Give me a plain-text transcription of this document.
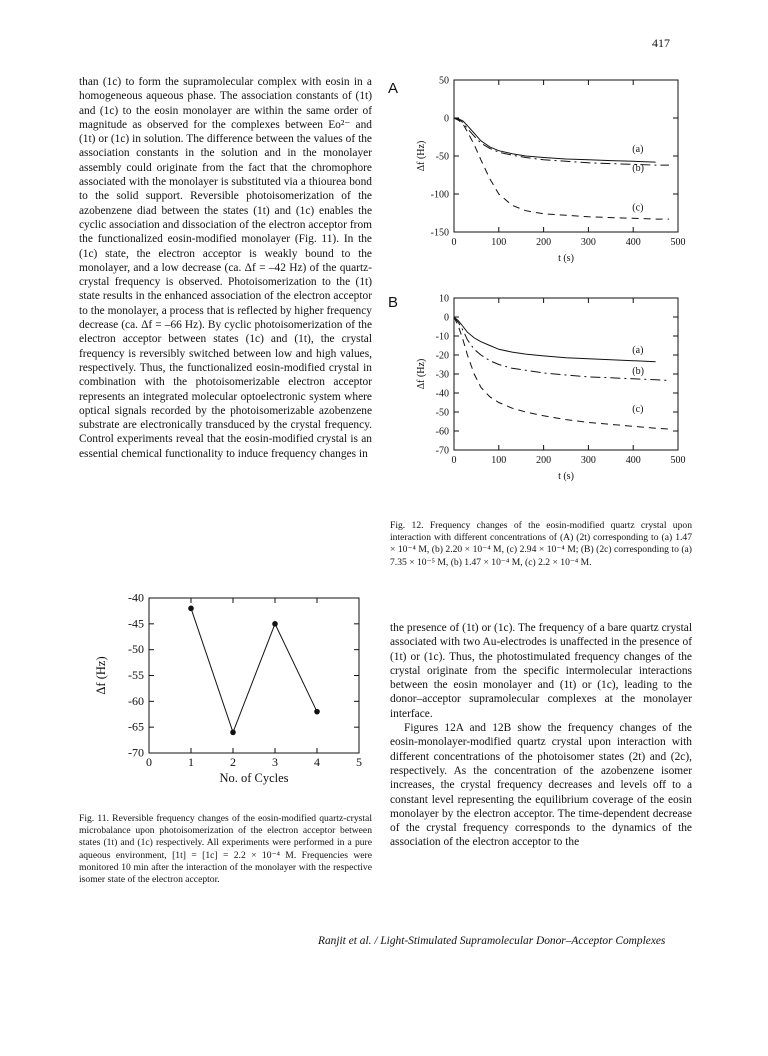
417

than (1c) to form the supramolecular complex with eosin in a homogeneous aqueous phase. The association constants of (1t) and (1c) to the eosin monolayer are within the same order of magnitude as observed for the complexes between Eo²⁻ and (1t) or (1c) in solution. The difference between the values of the association constants in the solution and in the monolayer assembly could originate from the fact that the chromophore associated with the monolayer is substituted via a thiourea bond to the solid support. Reversible photoisomerization of the azobenzene diad between the states (1t) and (1c) enables the cyclic association and dissociation of the electron acceptor from the functionalized eosin-modified monolayer (Fig. 11). In the (1c) state, the electron acceptor is weakly bound to the monolayer, and a low decrease (ca. Δf = –42 Hz) of the quartz-crystal frequency is observed. Photoisomerization to the (1t) state results in the enhanced association of the electron acceptor to the monolayer, a process that is reflected by higher frequency decrease (ca. Δf = –66 Hz). By cyclic photoisomerization of the electron acceptor between states (1c) and (1t), the crystal frequency is reversibly switched between low and high values, respectively. Thus, the functionalized eosin-modified crystal in combination with the photoisomerizable electron acceptor represents an integrated molecular optoelectronic system where optical signals recorded by the photoisomerizable azobenzene substrate are electronically transduced by the crystal frequency. Control experiments reveal that the eosin-modified crystal is an essential chemical functionality to induce frequency changes in

A
B
0	100	200	300	400	500
50
0
-50
-100
-150
t (s)
Δf (Hz)	(a)
(b)
(c)
0	100	200	300	400	500
10
0
-10
-20
-30
-40
-50
-60
-70
t (s)
Δf (Hz)
(a)
(b)
(c)
Fig. 12. Frequency changes of the eosin-modified quartz crystal upon interaction with different concentrations of (A) (2t) corresponding to (a) 1.47 × 10⁻⁴ M, (b) 2.20 × 10⁻⁴ M, (c) 2.94 × 10⁻⁴ M; (B) (2c) corresponding to (a) 7.35 × 10⁻⁵ M, (b) 1.47 × 10⁻⁴ M, (c) 2.2 × 10⁻⁴ M.
0	1	2	3	4	5
-40
-45
-50
-55
-60
-65
-70
No. of Cycles
Δf (Hz)
Fig. 11. Reversible frequency changes of the eosin-modified quartz-crystal microbalance upon photoisomerization of the electron acceptor between states (1t) and (1c) respectively. All experiments were performed in a pure aqueous environment, [1t] = [1c] = 2.2 × 10⁻⁴ M. Frequencies were monitored 10 min after the interaction of the monolayer with the respective isomer state of the electron acceptor.

the presence of (1t) or (1c). The frequency of a bare quartz crystal associated with two Au-electrodes is unaffected in the presence of (1t) or (1c). Thus, the photostimulated frequency changes of the crystal originate from the specific intermolecular interactions between the eosin monolayer and (1t) or (1c), leading to the donor–acceptor supramolecular complexes at the monolayer interface.

Figures 12A and 12B show the frequency changes of the eosin-monolayer-modified quartz crystal upon interaction with different concentrations of the photoisomer states (2t) and (2c), respectively. As the concentration of the azobenzene isomer increases, the crystal frequency decreases and levels off to a constant level representing the equilibrium coverage of the eosin monolayer by the electron acceptor. The time-dependent decrease of the crystal frequency corresponds to the dynamics of the association of the electron acceptor to the

Ranjit et al. / Light-Stimulated Supramolecular Donor–Acceptor Complexes
